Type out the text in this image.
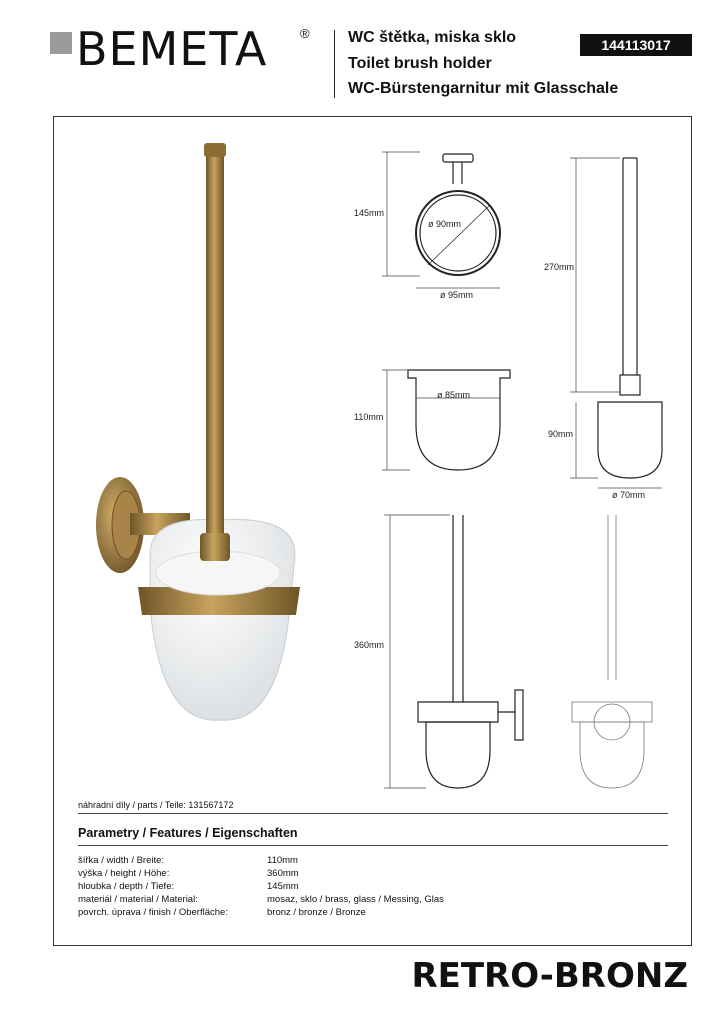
BEMETA	® WC štětka, miska sklo
Toilet brush holder
WC-Bürstengarnitur mit Glasschale
144113017
145mm
ø 90mm
ø 95mm
110mm
ø 85mm
270mm
90mm
ø 70mm
360mm
náhradní díly / parts / Teile: 131567172
Parametry / Features / Eigenschaften
šířka / width / Breite:	110mm
výška / height / Höhe:	360mm
hloubka / depth / Tiefe:	145mm
materiál / material / Material:	mosaz, sklo / brass, glass / Messing, Glas
povrch. úprava / finish / Oberfläche:	bronz / bronze / Bronze
RETRO-BRONZ
